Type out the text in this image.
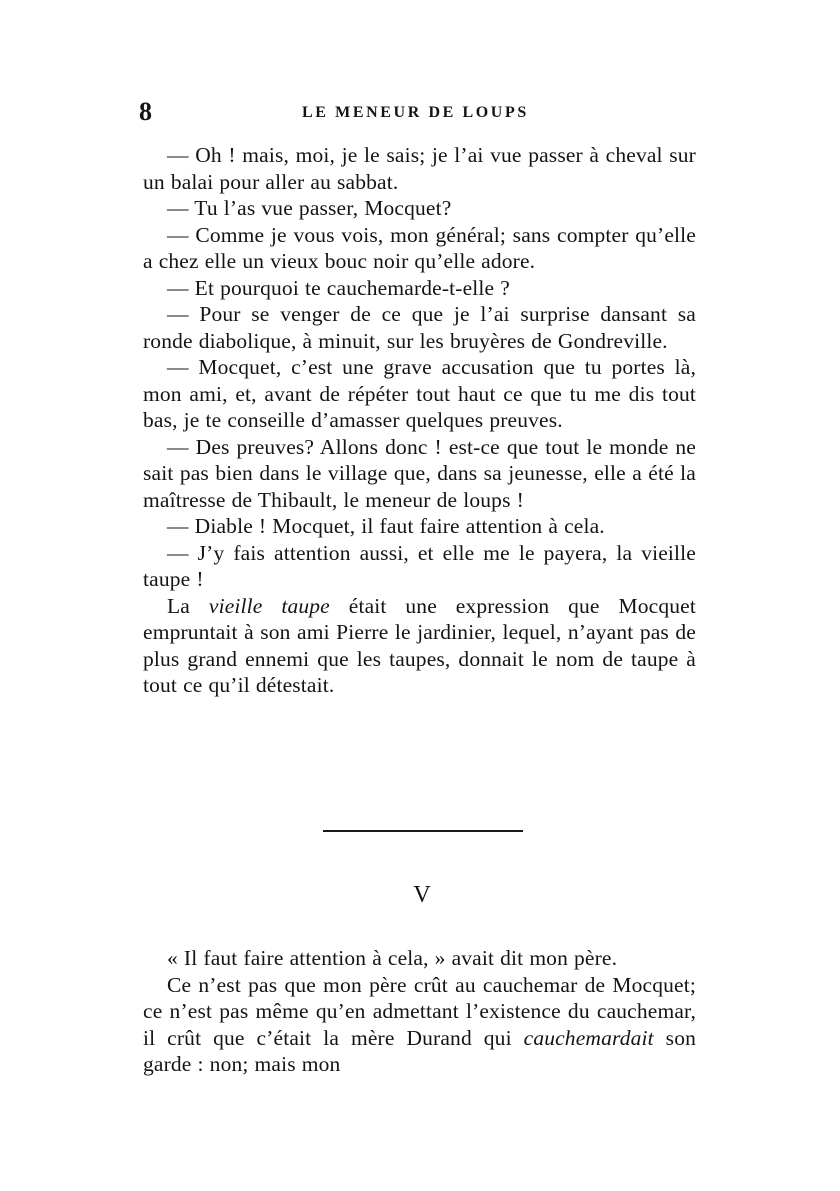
8	LE MENEUR DE LOUPS

— Oh ! mais, moi, je le sais; je l’ai vue passer à cheval sur un balai pour aller au sabbat.

— Tu l’as vue passer, Mocquet?

— Comme je vous vois, mon général; sans compter qu’elle a chez elle un vieux bouc noir qu’elle adore.

— Et pourquoi te cauchemarde-t-elle ?

— Pour se venger de ce que je l’ai surprise dansant sa ronde diabolique, à minuit, sur les bruyères de Gondreville.

— Mocquet, c’est une grave accusation que tu portes là, mon ami, et, avant de répéter tout haut ce que tu me dis tout bas, je te conseille d’amasser quelques preuves.

— Des preuves? Allons donc ! est-ce que tout le monde ne sait pas bien dans le village que, dans sa jeunesse, elle a été la maîtresse de Thibault, le meneur de loups !

— Diable ! Mocquet, il faut faire attention à cela.

— J’y fais attention aussi, et elle me le payera, la vieille taupe !

La vieille taupe était une expression que Mocquet empruntait à son ami Pierre le jardinier, lequel, n’ayant pas de plus grand ennemi que les taupes, donnait le nom de taupe à tout ce qu’il détestait.

V

« Il faut faire attention à cela, » avait dit mon père.

Ce n’est pas que mon père crût au cauchemar de Mocquet; ce n’est pas même qu’en admettant l’existence du cauchemar, il crût que c’était la mère Durand qui cauchemardait son garde : non; mais mon
